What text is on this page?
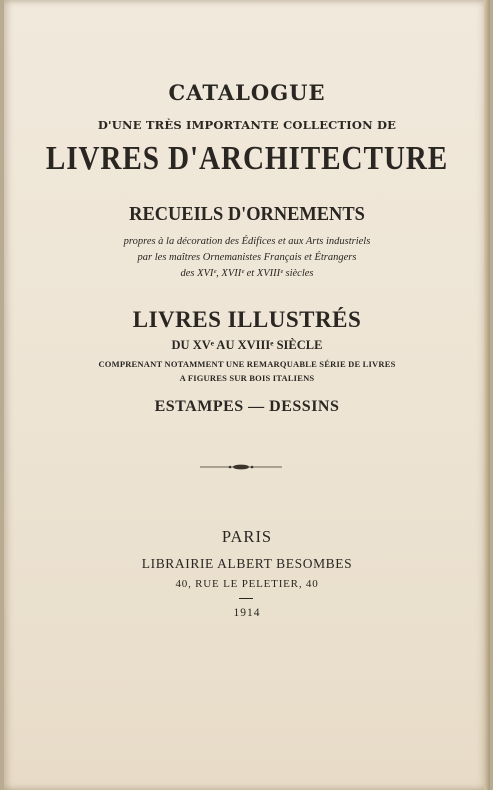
CATALOGUE
D'UNE TRÈS IMPORTANTE COLLECTION DE
LIVRES D'ARCHITECTURE
RECUEILS D'ORNEMENTS
propres à la décoration des Édifices et aux Arts industriels
par les maîtres Ornemanistes Français et Étrangers
des XVIᵉ, XVIIᵉ et XVIIIᵉ siècles
LIVRES ILLUSTRÉS
DU XVᵉ AU XVIIIᵉ SIÈCLE
COMPRENANT NOTAMMENT UNE REMARQUABLE SÉRIE DE LIVRES
A FIGURES SUR BOIS ITALIENS
ESTAMPES — DESSINS
PARIS
LIBRAIRIE ALBERT BESOMBES
40, RUE LE PELETIER, 40
1914
